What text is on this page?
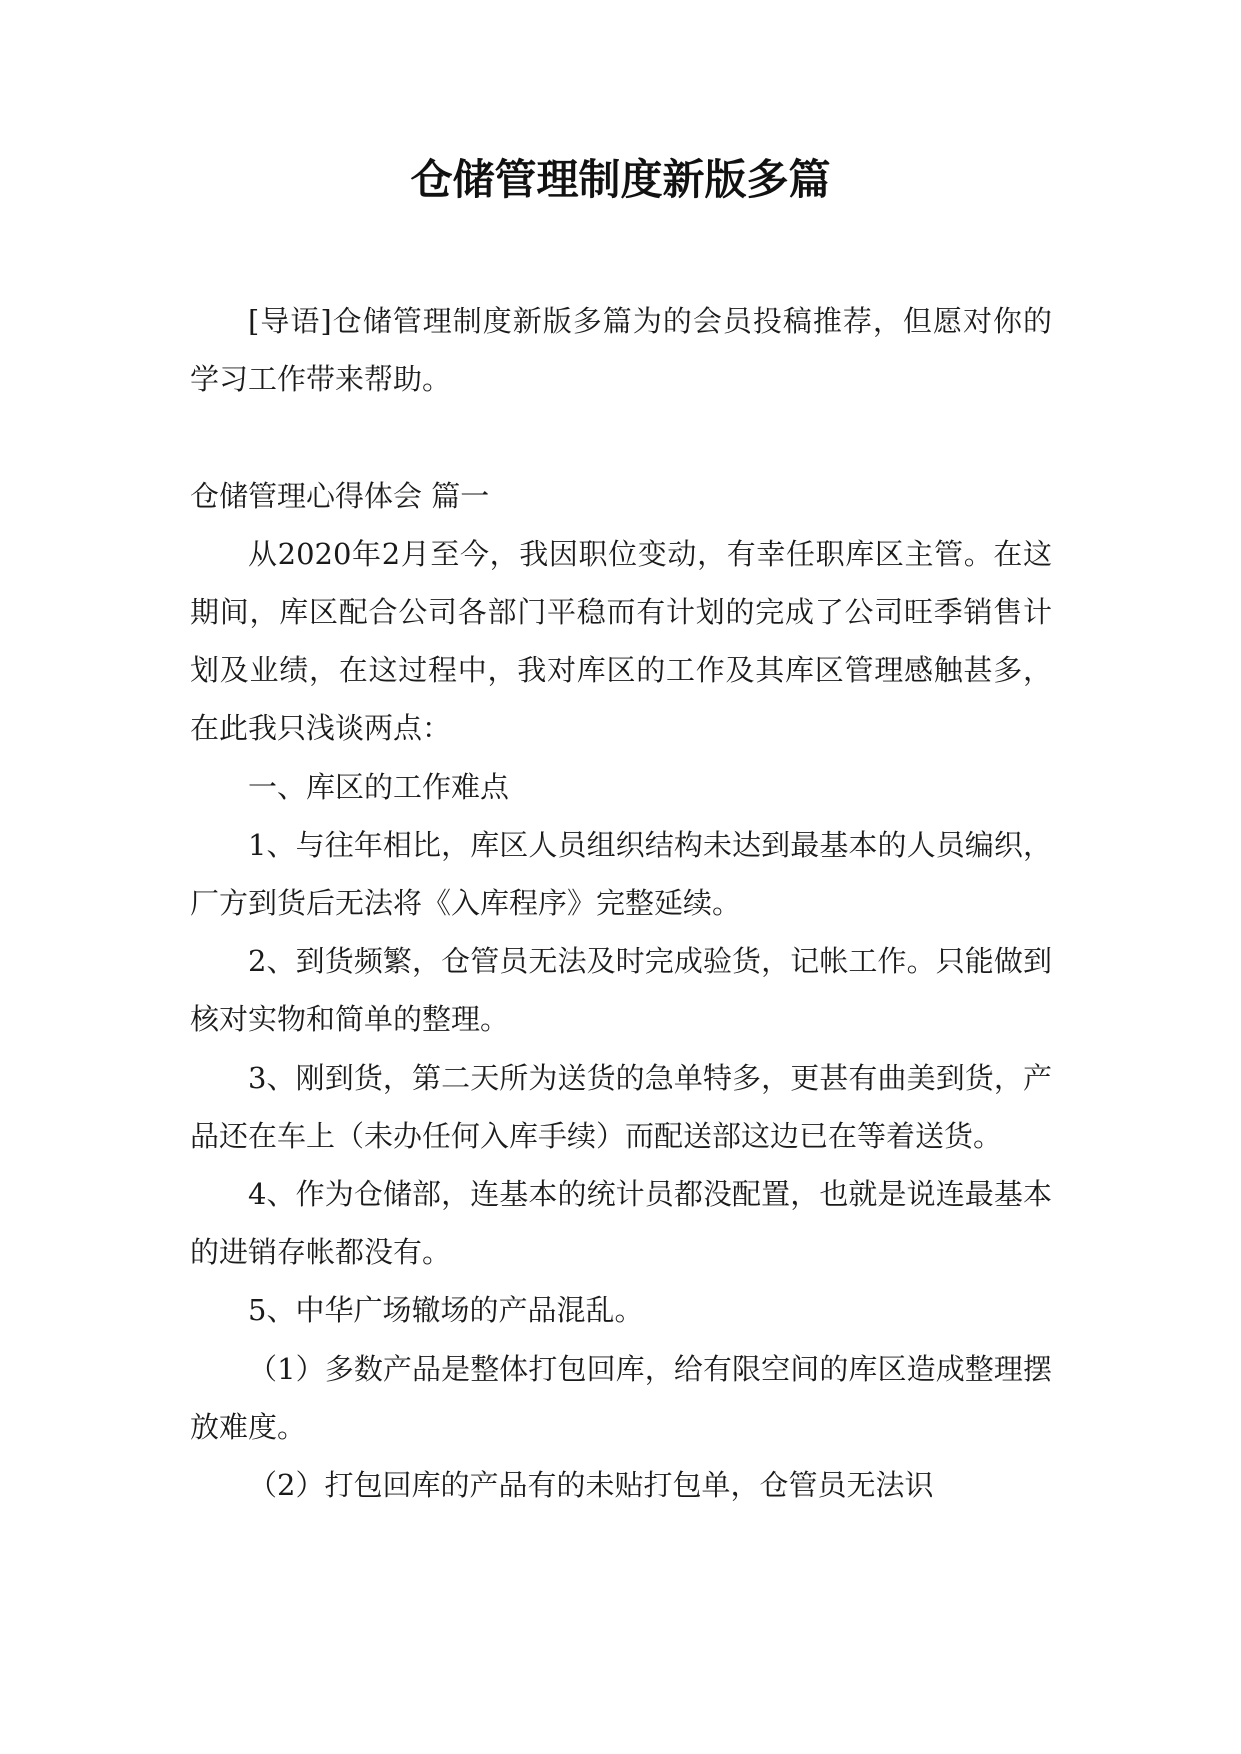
仓储管理制度新版多篇

[导语]仓储管理制度新版多篇为的会员投稿推荐，但愿对你的学习工作带来帮助。

仓储管理心得体会 篇一

从2020年2月至今，我因职位变动，有幸任职库区主管。在这期间，库区配合公司各部门平稳而有计划的完成了公司旺季销售计划及业绩，在这过程中，我对库区的工作及其库区管理感触甚多，在此我只浅谈两点：

一、库区的工作难点

1、与往年相比，库区人员组织结构未达到最基本的人员编织，厂方到货后无法将《入库程序》完整延续。

2、到货频繁，仓管员无法及时完成验货，记帐工作。只能做到核对实物和简单的整理。

3、刚到货，第二天所为送货的急单特多，更甚有曲美到货，产品还在车上（未办任何入库手续）而配送部这边已在等着送货。

4、作为仓储部，连基本的统计员都没配置，也就是说连最基本的进销存帐都没有。

5、中华广场辙场的产品混乱。

（1）多数产品是整体打包回库，给有限空间的库区造成整理摆放难度。

（2）打包回库的产品有的未贴打包单，仓管员无法识
